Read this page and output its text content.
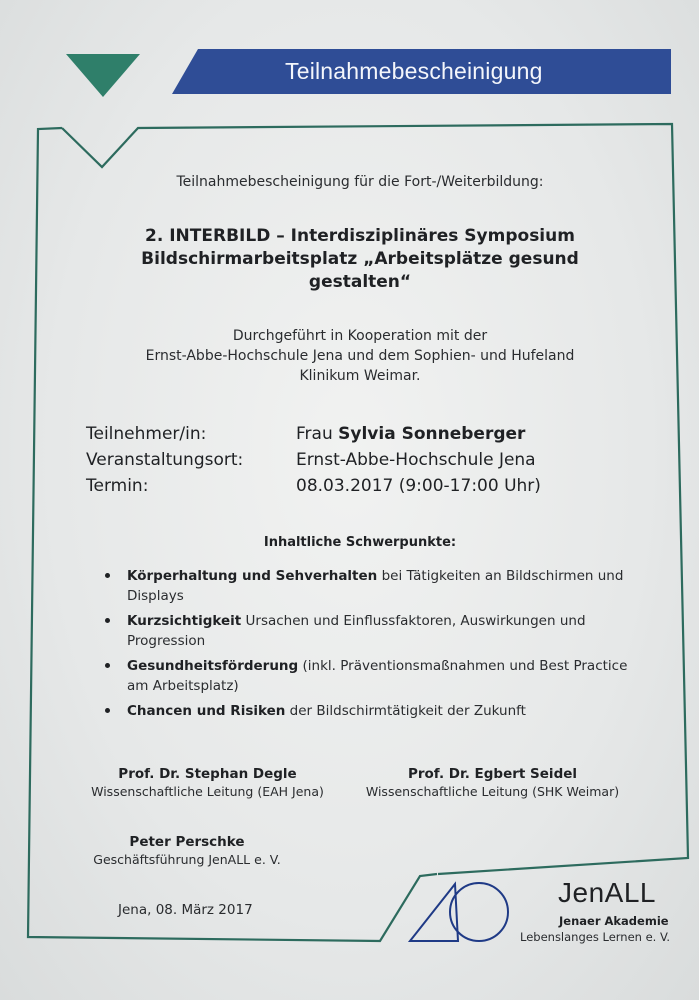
Teilnahmebescheinigung
Teilnahmebescheinigung für die Fort-/Weiterbildung:
2. INTERBILD – Interdisziplinäres Symposium
Bildschirmarbeitsplatz „Arbeitsplätze gesund
gestalten“
Durchgeführt in Kooperation mit der
Ernst-Abbe-Hochschule Jena und dem Sophien- und Hufeland
Klinikum Weimar.
Teilnehmer/in:	Frau Sylvia Sonneberger
Veranstaltungsort:	Ernst-Abbe-Hochschule Jena
Termin:	08.03.2017 (9:00-17:00 Uhr)
Inhaltliche Schwerpunkte:
Körperhaltung und Sehverhalten bei Tätigkeiten an Bildschirmen und Displays
Kurzsichtigkeit Ursachen und Einflussfaktoren, Auswirkungen und Progression
Gesundheitsförderung (inkl. Präventionsmaßnahmen und Best Practice am Arbeitsplatz)
Chancen und Risiken der Bildschirmtätigkeit der Zukunft
Prof. Dr. Stephan Degle
Wissenschaftliche Leitung (EAH Jena)
Prof. Dr. Egbert Seidel
Wissenschaftliche Leitung (SHK Weimar)
Peter Perschke
Geschäftsführung JenALL e. V.
Jena, 08. März 2017
JenALL
Jenaer Akademie
Lebenslanges Lernen e. V.
